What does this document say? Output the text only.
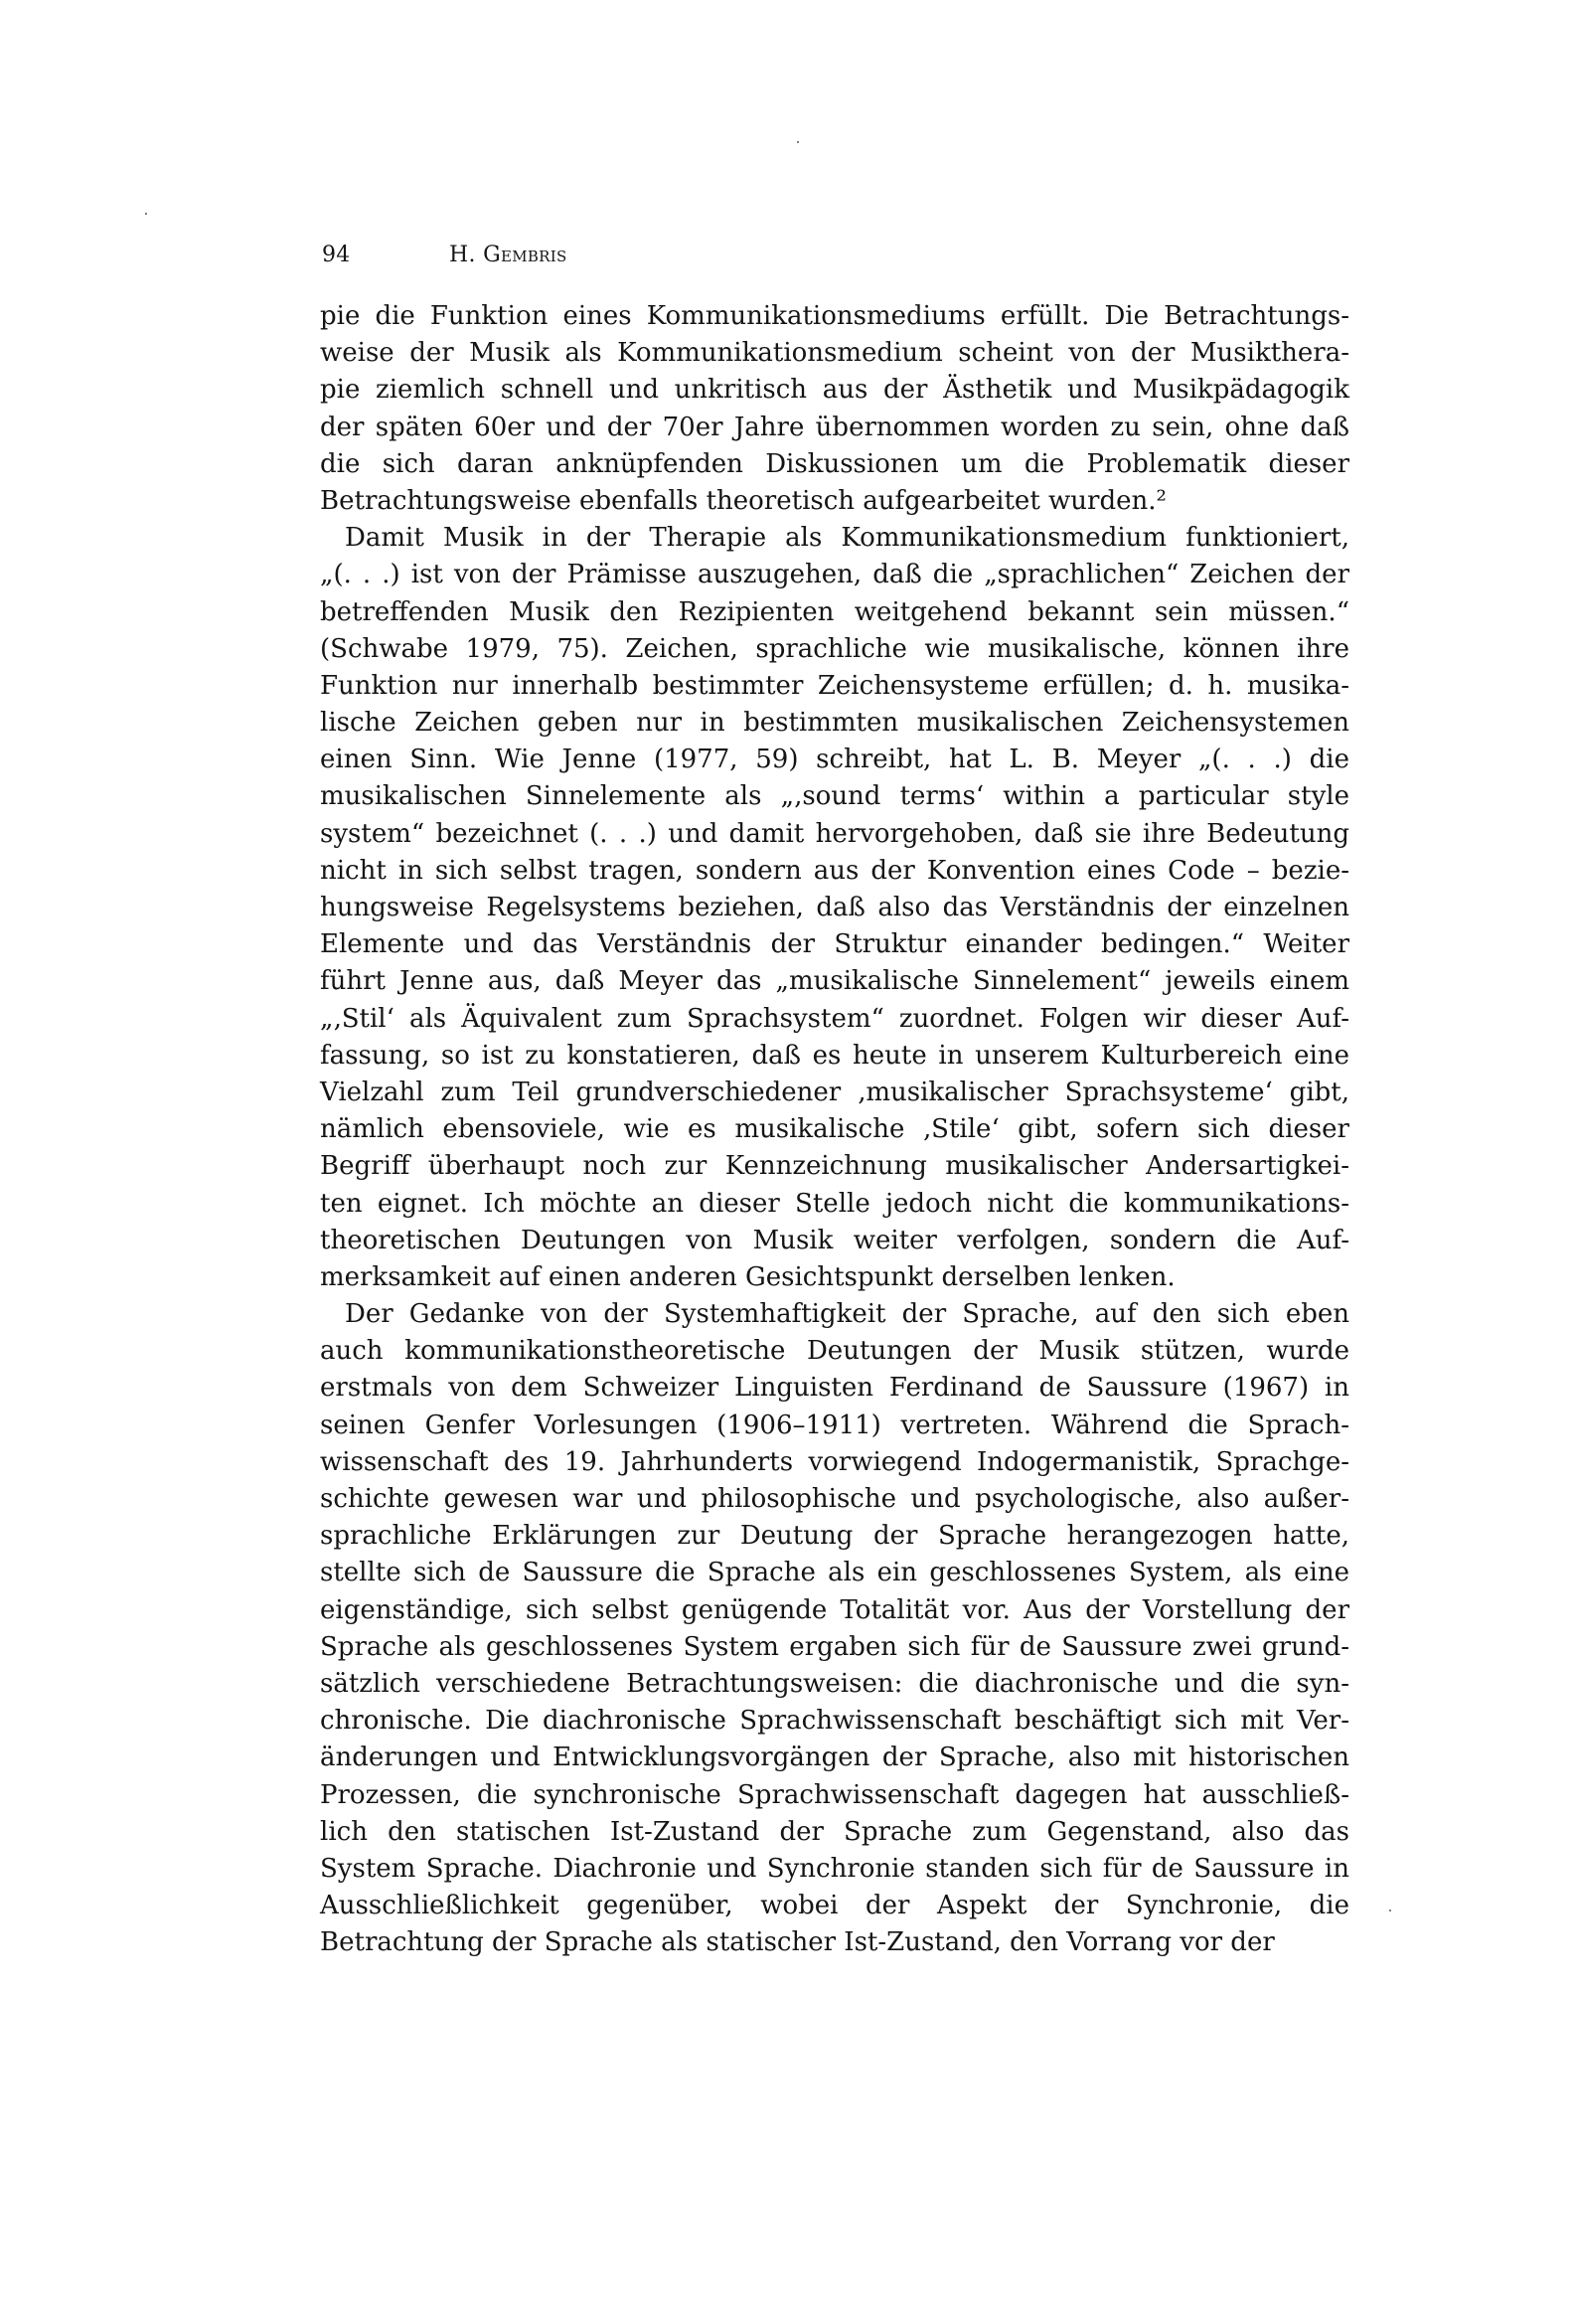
94	H. Gembris
pie die Funktion eines Kommunikationsmediums erfüllt. Die Betrachtungs-
weise der Musik als Kommunikationsmedium scheint von der Musikthera-
pie ziemlich schnell und unkritisch aus der Ästhetik und Musikpädagogik
der späten 60er und der 70er Jahre übernommen worden zu sein, ohne daß
die sich daran anknüpfenden Diskussionen um die Problematik dieser
Betrachtungsweise ebenfalls theoretisch aufgearbeitet wurden.²
Damit Musik in der Therapie als Kommunikationsmedium funktioniert,
„(. . .) ist von der Prämisse auszugehen, daß die „sprachlichen“ Zeichen der
betreffenden Musik den Rezipienten weitgehend bekannt sein müssen.“
(Schwabe 1979, 75). Zeichen, sprachliche wie musikalische, können ihre
Funktion nur innerhalb bestimmter Zeichensysteme erfüllen; d. h. musika-
lische Zeichen geben nur in bestimmten musikalischen Zeichensystemen
einen Sinn. Wie Jenne (1977, 59) schreibt, hat L. B. Meyer „(. . .) die
musikalischen Sinnelemente als „‚sound terms‘ within a particular style
system“ bezeichnet (. . .) und damit hervorgehoben, daß sie ihre Bedeutung
nicht in sich selbst tragen, sondern aus der Konvention eines Code – bezie-
hungsweise Regelsystems beziehen, daß also das Verständnis der einzelnen
Elemente und das Verständnis der Struktur einander bedingen.“ Weiter
führt Jenne aus, daß Meyer das „musikalische Sinnelement“ jeweils einem
„‚Stil‘ als Äquivalent zum Sprachsystem“ zuordnet. Folgen wir dieser Auf-
fassung, so ist zu konstatieren, daß es heute in unserem Kulturbereich eine
Vielzahl zum Teil grundverschiedener ‚musikalischer Sprachsysteme‘ gibt,
nämlich ebensoviele, wie es musikalische ‚Stile‘ gibt, sofern sich dieser
Begriff überhaupt noch zur Kennzeichnung musikalischer Andersartigkei-
ten eignet. Ich möchte an dieser Stelle jedoch nicht die kommunikations-
theoretischen Deutungen von Musik weiter verfolgen, sondern die Auf-
merksamkeit auf einen anderen Gesichtspunkt derselben lenken.
Der Gedanke von der Systemhaftigkeit der Sprache, auf den sich eben
auch kommunikationstheoretische Deutungen der Musik stützen, wurde
erstmals von dem Schweizer Linguisten Ferdinand de Saussure (1967) in
seinen Genfer Vorlesungen (1906–1911) vertreten. Während die Sprach-
wissenschaft des 19. Jahrhunderts vorwiegend Indogermanistik, Sprachge-
schichte gewesen war und philosophische und psychologische, also außer-
sprachliche Erklärungen zur Deutung der Sprache herangezogen hatte,
stellte sich de Saussure die Sprache als ein geschlossenes System, als eine
eigenständige, sich selbst genügende Totalität vor. Aus der Vorstellung der
Sprache als geschlossenes System ergaben sich für de Saussure zwei grund-
sätzlich verschiedene Betrachtungsweisen: die diachronische und die syn-
chronische. Die diachronische Sprachwissenschaft beschäftigt sich mit Ver-
änderungen und Entwicklungsvorgängen der Sprache, also mit historischen
Prozessen, die synchronische Sprachwissenschaft dagegen hat ausschließ-
lich den statischen Ist-Zustand der Sprache zum Gegenstand, also das
System Sprache. Diachronie und Synchronie standen sich für de Saussure in
Ausschließlichkeit gegenüber, wobei der Aspekt der Synchronie, die
Betrachtung der Sprache als statischer Ist-Zustand, den Vorrang vor der
